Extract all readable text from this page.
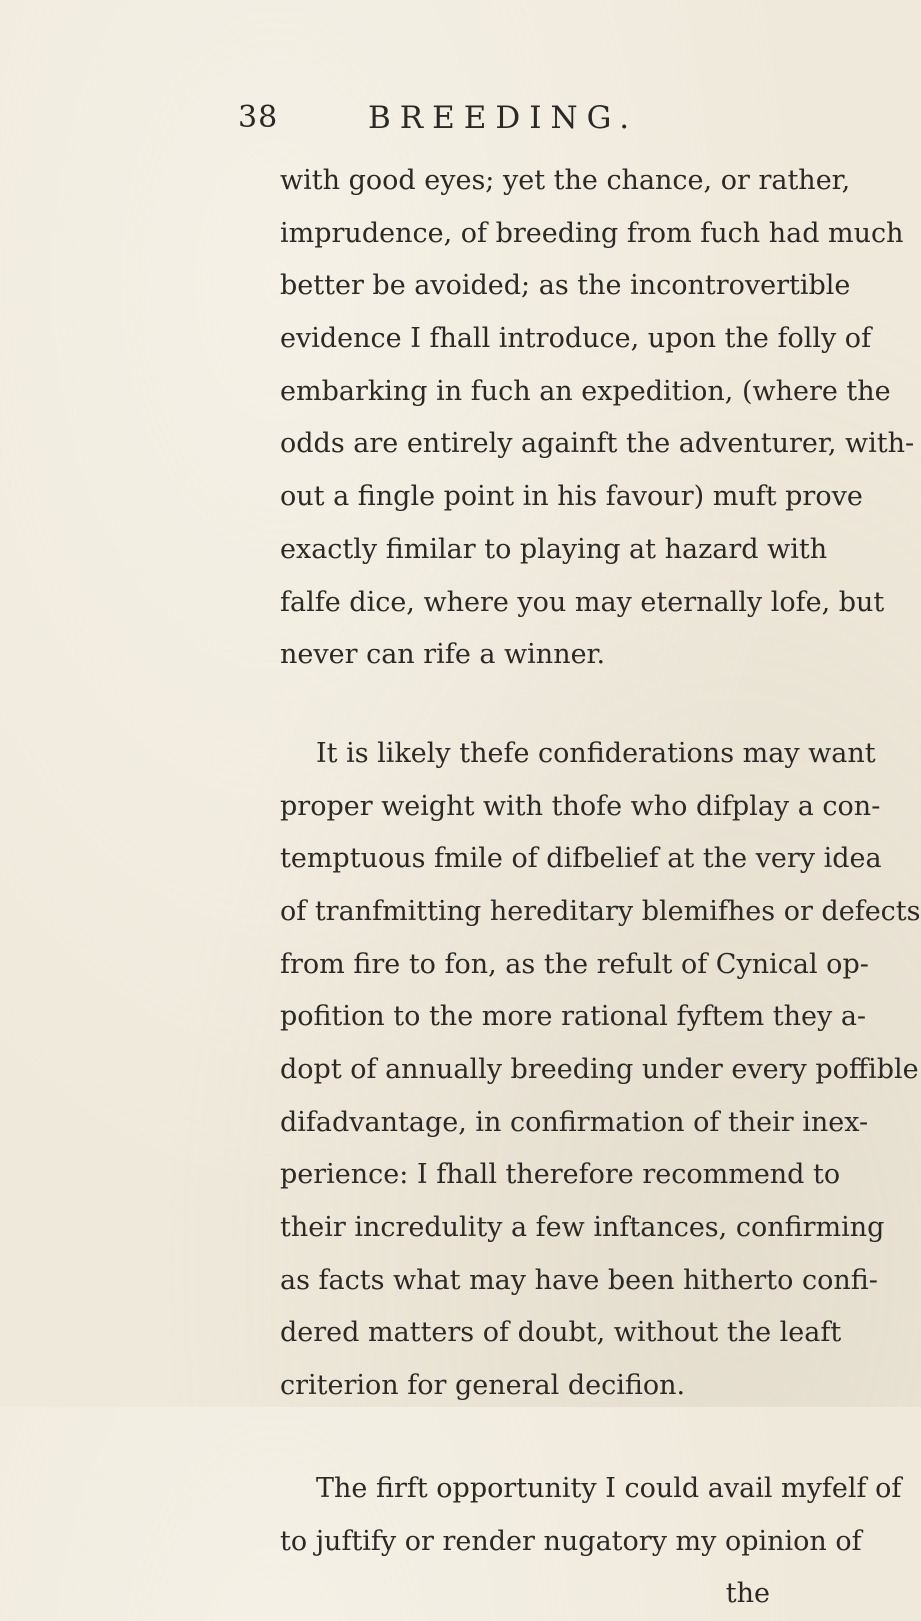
38	BREEDING.
with good eyes; yet the chance, or rather,
imprudence, of breeding from fuch had much
better be avoided; as the incontrovertible
evidence I fhall introduce, upon the folly of
embarking in fuch an expedition, (where the
odds are entirely againft the adventurer, with-
out a fingle point in his favour) muft prove
exactly fimilar to playing at hazard with
falfe dice, where you may eternally lofe, but
never can rife a winner.
It is likely thefe confiderations may want
proper weight with thofe who difplay a con-
temptuous fmile of difbelief at the very idea
of tranfmitting hereditary blemifhes or defects
from fire to fon, as the refult of Cynical op-
pofition to the more rational fyftem they a-
dopt of annually breeding under every poffible
difadvantage, in confirmation of their inex-
perience: I fhall therefore recommend to
their incredulity a few inftances, confirming
as facts what may have been hitherto confi-
dered matters of doubt, without the leaft
criterion for general decifion.
The firft opportunity I could avail myfelf of
to juftify or render nugatory my opinion of
the
